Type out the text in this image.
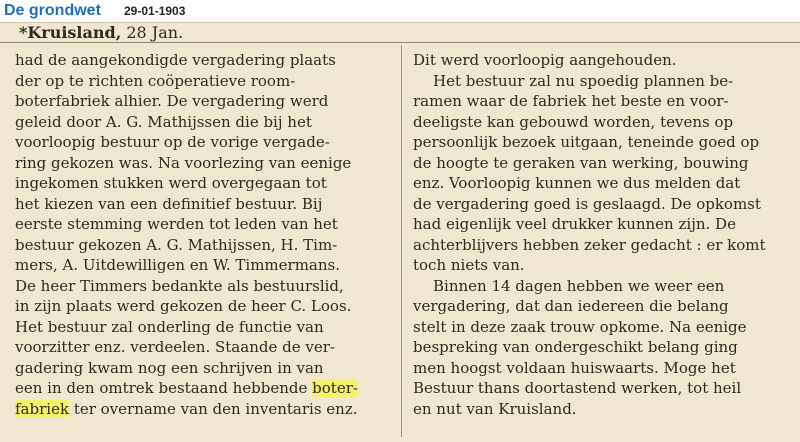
De grondwet 29-01-1903
*Kruisland, 28 Jan.
had de aangekondigde vergadering plaats
der op te richten coöperatieve room-
boterfabriek alhier. De vergadering werd
geleid door A. G. Mathijssen die bij het
voorloopig bestuur op de vorige vergade-
ring gekozen was. Na voorlezing van eenige
ingekomen stukken werd overgegaan tot
het kiezen van een definitief bestuur. Bij
eerste stemming werden tot leden van het
bestuur gekozen A. G. Mathijssen, H. Tim-
mers, A. Uitdewilligen en W. Timmermans.
De heer Timmers bedankte als bestuurslid,
in zijn plaats werd gekozen de heer C. Loos.
Het bestuur zal onderling de functie van
voorzitter enz. verdeelen. Staande de ver-
gadering kwam nog een schrijven in van
een in den omtrek bestaand hebbende boter-
fabriek ter overname van den inventaris enz.
Dit werd voorloopig aangehouden.
Het bestuur zal nu spoedig plannen be-
ramen waar de fabriek het beste en voor-
deeligste kan gebouwd worden, tevens op
persoonlijk bezoek uitgaan, teneinde goed op
de hoogte te geraken van werking, bouwing
enz. Voorloopig kunnen we dus melden dat
de vergadering goed is geslaagd. De opkomst
had eigenlijk veel drukker kunnen zijn. De
achterblijvers hebben zeker gedacht : er komt
toch niets van.
Binnen 14 dagen hebben we weer een
vergadering, dat dan iedereen die belang
stelt in deze zaak trouw opkome. Na eenige
bespreking van ondergeschikt belang ging
men hoogst voldaan huiswaarts. Moge het
Bestuur thans doortastend werken, tot heil
en nut van Kruisland.
